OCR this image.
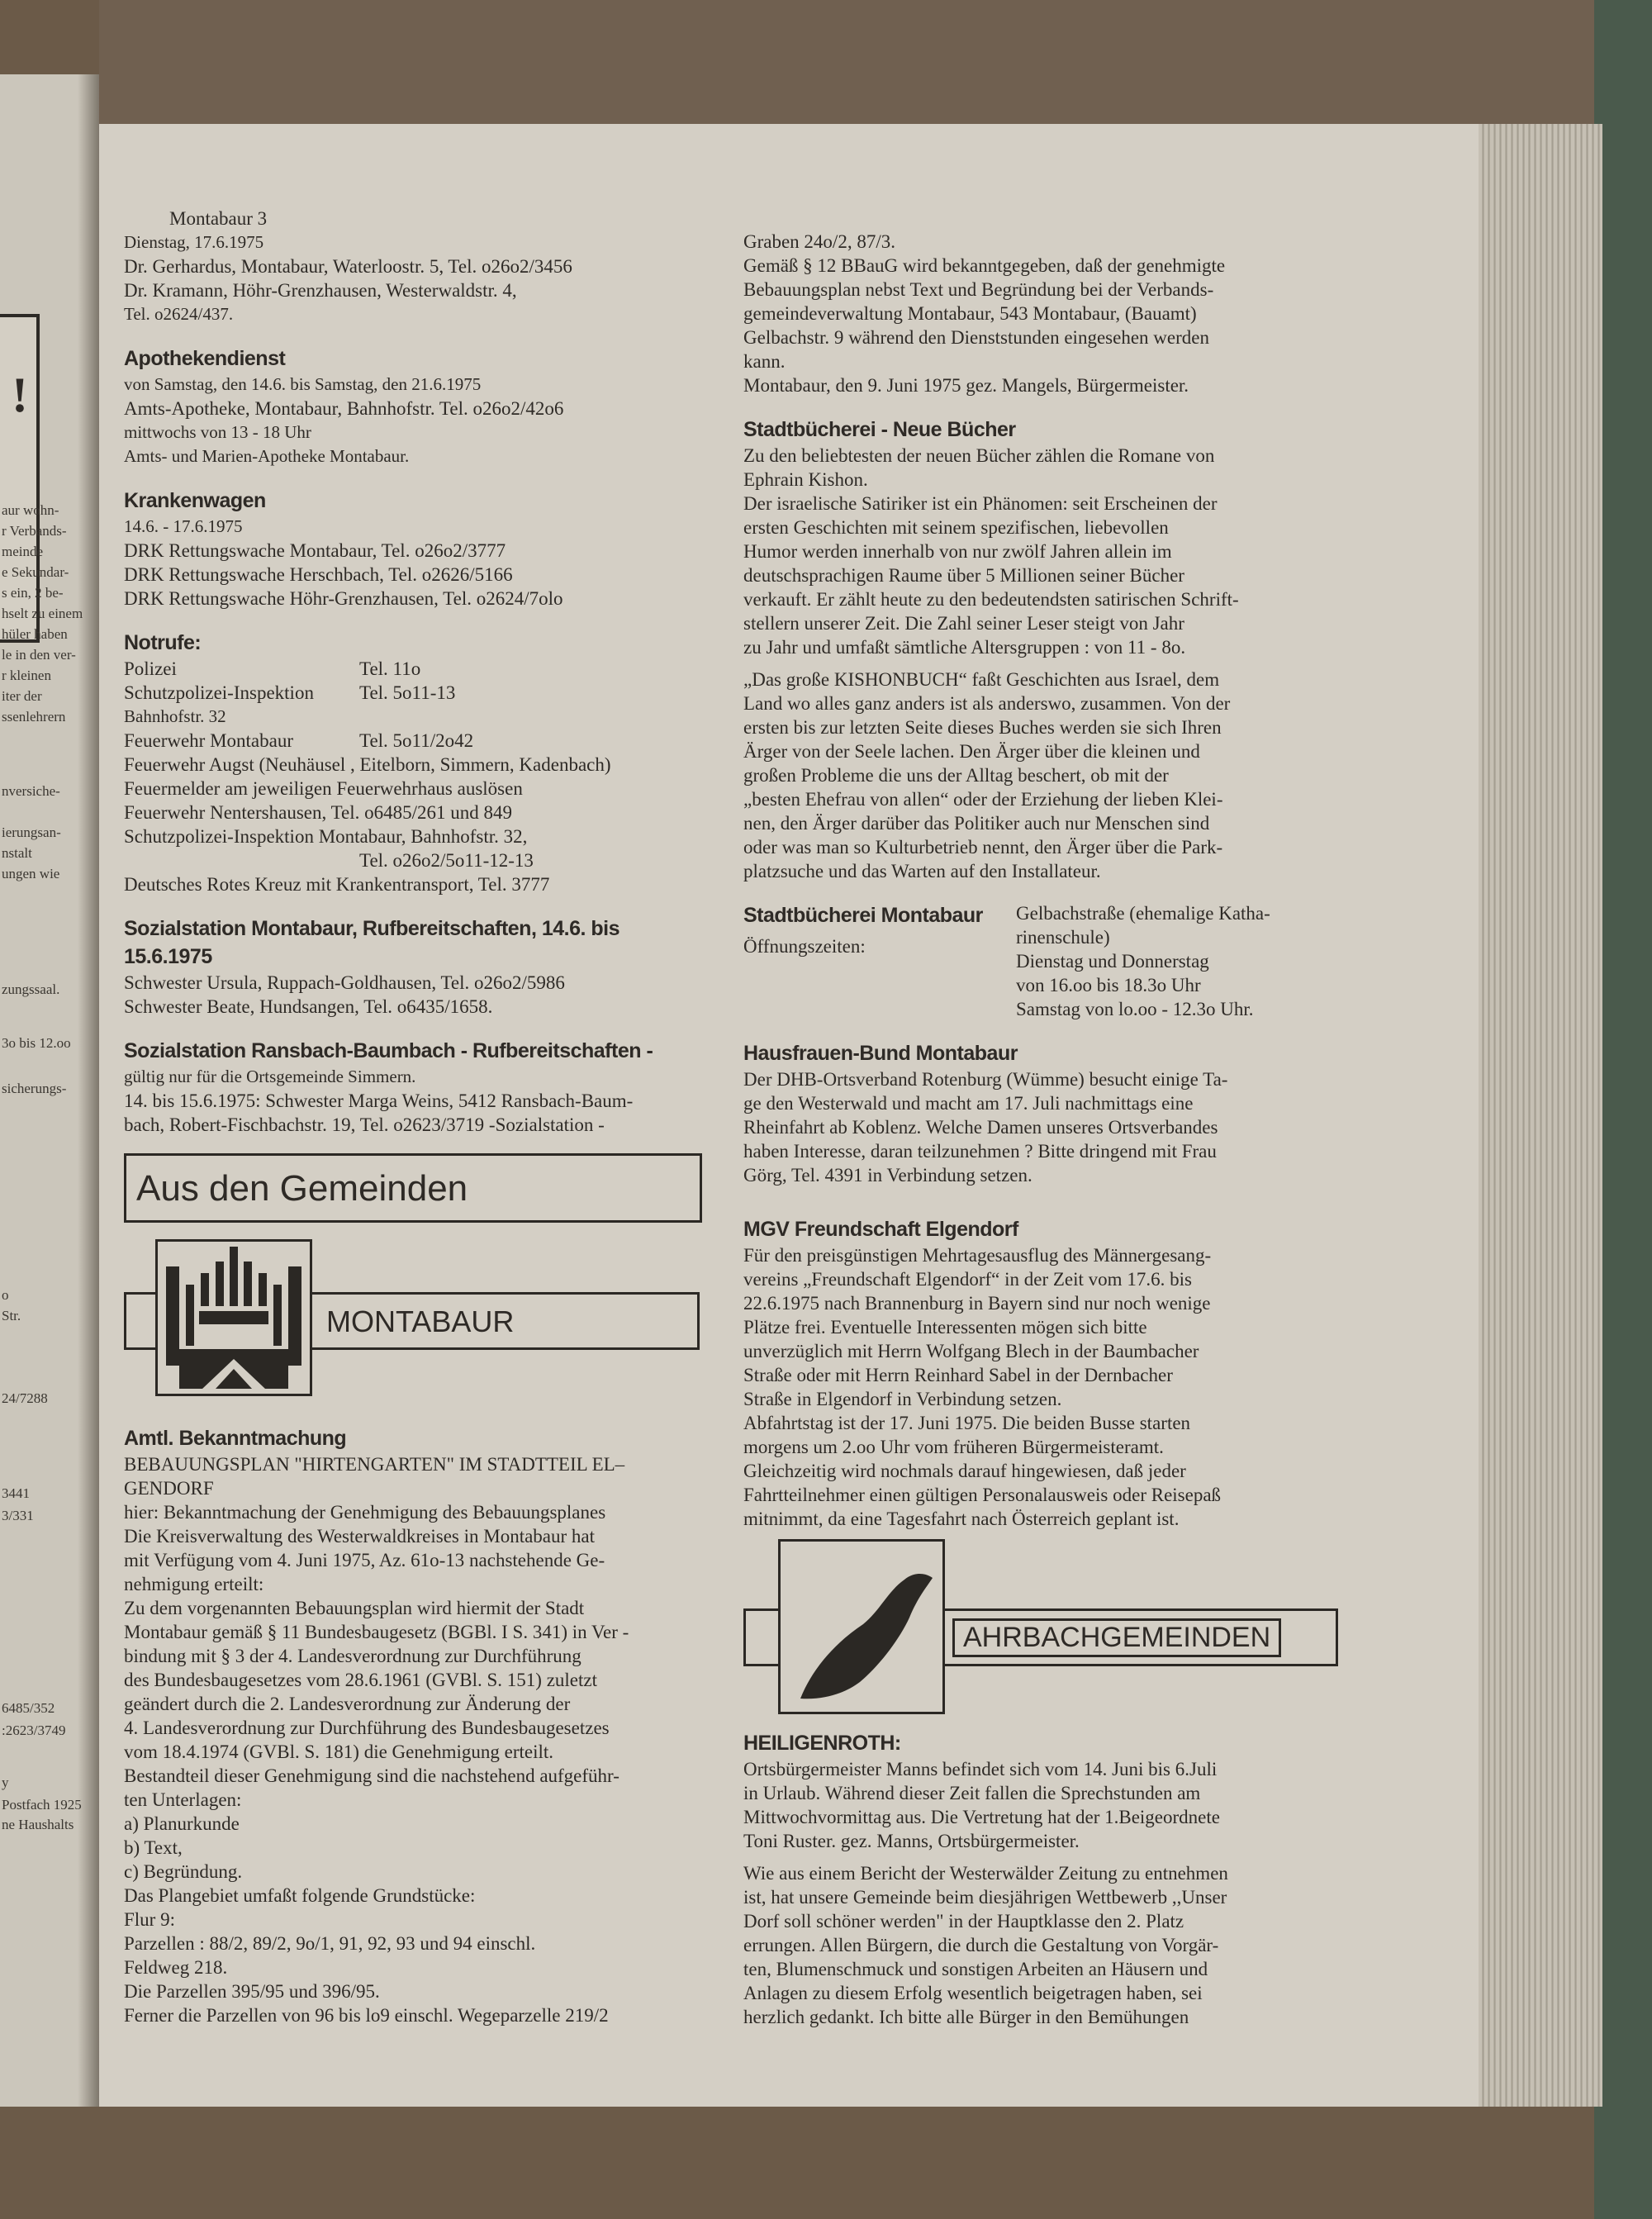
!
aur wohn-
r Verbands-
meinde
e Sekundar-
s ein, 2 be-
hselt zu einem
hüler haben
le in den ver-
r kleinen
iter der
ssenlehrern
nversiche-
ierungsan-
nstalt
ungen wie
zungssaal.
3o bis 12.oo
sicherungs-
o
Str.
24/7288
3441
3/331
6485/352
:2623/3749
y
Postfach 1925
ne Haushalts
Montabaur 3
Dienstag, 17.6.1975
Dr. Gerhardus, Montabaur, Waterloostr. 5, Tel. o26o2/3456
Dr. Kramann, Höhr-Grenzhausen, Westerwaldstr. 4,
Tel. o2624/437.
Apothekendienst
von Samstag, den 14.6. bis Samstag, den 21.6.1975
Amts-Apotheke, Montabaur, Bahnhofstr. Tel. o26o2/42o6
mittwochs von 13 - 18 Uhr
Amts- und Marien-Apotheke Montabaur.
Krankenwagen
14.6. - 17.6.1975
DRK Rettungswache Montabaur, Tel. o26o2/3777
DRK Rettungswache Herschbach, Tel. o2626/5166
DRK Rettungswache Höhr-Grenzhausen, Tel. o2624/7olo
Notrufe:
Polizei	Tel. 11o
Schutzpolizei-Inspektion	Tel. 5o11-13
Bahnhofstr. 32
Feuerwehr Montabaur	Tel. 5o11/2o42
Feuerwehr Augst (Neuhäusel , Eitelborn, Simmern, Kadenbach)
Feuermelder am jeweiligen Feuerwehrhaus auslösen
Feuerwehr Nentershausen, Tel. o6485/261 und 849
Schutzpolizei-Inspektion Montabaur, Bahnhofstr. 32,
Tel. o26o2/5o11-12-13
Deutsches Rotes Kreuz mit Krankentransport, Tel. 3777
Sozialstation Montabaur, Rufbereitschaften, 14.6. bis 15.6.1975
Schwester Ursula, Ruppach-Goldhausen, Tel. o26o2/5986
Schwester Beate, Hundsangen, Tel. o6435/1658.
Sozialstation Ransbach-Baumbach - Rufbereitschaften -
gültig nur für die Ortsgemeinde Simmern.
14. bis 15.6.1975: Schwester Marga Weins, 5412 Ransbach-Baum-
bach, Robert-Fischbachstr. 19, Tel. o2623/3719 -Sozialstation -
Aus den Gemeinden
MONTABAUR
Amtl. Bekanntmachung
BEBAUUNGSPLAN "HIRTENGARTEN" IM STADTTEIL EL–
GENDORF
hier: Bekanntmachung der Genehmigung des Bebauungsplanes
Die Kreisverwaltung des Westerwaldkreises in Montabaur hat
mit Verfügung vom 4. Juni 1975, Az. 61o-13 nachstehende Ge-
nehmigung erteilt:
Zu dem vorgenannten Bebauungsplan wird hiermit der Stadt
Montabaur gemäß § 11 Bundesbaugesetz (BGBl. I S. 341) in Ver -
bindung mit § 3 der 4. Landesverordnung zur Durchführung
des Bundesbaugesetzes vom 28.6.1961 (GVBl. S. 151) zuletzt
geändert durch die 2. Landesverordnung zur Änderung der
4. Landesverordnung zur Durchführung des Bundesbaugesetzes
vom 18.4.1974 (GVBl. S. 181) die Genehmigung erteilt.
Bestandteil dieser Genehmigung sind die nachstehend aufgeführ-
ten Unterlagen:
a) Planurkunde
b) Text,
c) Begründung.
Das Plangebiet umfaßt folgende Grundstücke:
Flur 9:
Parzellen : 88/2, 89/2, 9o/1, 91, 92, 93 und 94 einschl.
Feldweg 218.
Die Parzellen 395/95 und 396/95.
Ferner die Parzellen von 96 bis lo9 einschl. Wegeparzelle 219/2
Graben 24o/2, 87/3.
Gemäß § 12 BBauG wird bekanntgegeben, daß der genehmigte
Bebauungsplan nebst Text und Begründung bei der Verbands-
gemeindeverwaltung Montabaur, 543 Montabaur, (Bauamt)
Gelbachstr. 9 während den Dienststunden eingesehen werden
kann.
Montabaur, den 9. Juni 1975 gez. Mangels, Bürgermeister.
Stadtbücherei - Neue Bücher
Zu den beliebtesten der neuen Bücher zählen die Romane von
Ephrain Kishon.
Der israelische Satiriker ist ein Phänomen: seit Erscheinen der
ersten Geschichten mit seinem spezifischen, liebevollen
Humor werden innerhalb von nur zwölf Jahren allein im
deutschsprachigen Raume über 5 Millionen seiner Bücher
verkauft. Er zählt heute zu den bedeutendsten satirischen Schrift-
stellern unserer Zeit. Die Zahl seiner Leser steigt von Jahr
zu Jahr und umfaßt sämtliche Altersgruppen : von 11 - 8o.
„Das große KISHONBUCH“ faßt Geschichten aus Israel, dem
Land wo alles ganz anders ist als anderswo, zusammen. Von der
ersten bis zur letzten Seite dieses Buches werden sie sich Ihren
Ärger von der Seele lachen. Den Ärger über die kleinen und
großen Probleme die uns der Alltag beschert, ob mit der
„besten Ehefrau von allen“ oder der Erziehung der lieben Klei-
nen, den Ärger darüber das Politiker auch nur Menschen sind
oder was man so Kulturbetrieb nennt, den Ärger über die Park-
platzsuche und das Warten auf den Installateur.
Stadtbücherei Montabaur
Öffnungszeiten:
Gelbachstraße (ehemalige Katha-
rinenschule)
Dienstag und Donnerstag
von 16.oo bis 18.3o Uhr
Samstag von lo.oo - 12.3o Uhr.
Hausfrauen-Bund Montabaur
Der DHB-Ortsverband Rotenburg (Wümme) besucht einige Ta-
ge den Westerwald und macht am 17. Juli nachmittags eine
Rheinfahrt ab Koblenz. Welche Damen unseres Ortsverbandes
haben Interesse, daran teilzunehmen ? Bitte dringend mit Frau
Görg, Tel. 4391 in Verbindung setzen.
MGV Freundschaft Elgendorf
Für den preisgünstigen Mehrtagesausflug des Männergesang-
vereins „Freundschaft Elgendorf“ in der Zeit vom 17.6. bis
22.6.1975 nach Brannenburg in Bayern sind nur noch wenige
Plätze frei. Eventuelle Interessenten mögen sich bitte
unverzüglich mit Herrn Wolfgang Blech in der Baumbacher
Straße oder mit Herrn Reinhard Sabel in der Dernbacher
Straße in Elgendorf in Verbindung setzen.
Abfahrtstag ist der 17. Juni 1975. Die beiden Busse starten
morgens um 2.oo Uhr vom früheren Bürgermeisteramt.
Gleichzeitig wird nochmals darauf hingewiesen, daß jeder
Fahrtteilnehmer einen gültigen Personalausweis oder Reisepaß
mitnimmt, da eine Tagesfahrt nach Österreich geplant ist.
AHRBACHGEMEINDEN
HEILIGENROTH:
Ortsbürgermeister Manns befindet sich vom 14. Juni bis 6.Juli
in Urlaub. Während dieser Zeit fallen die Sprechstunden am
Mittwochvormittag aus. Die Vertretung hat der 1.Beigeordnete
Toni Ruster. gez. Manns, Ortsbürgermeister.
Wie aus einem Bericht der Westerwälder Zeitung zu entnehmen
ist, hat unsere Gemeinde beim diesjährigen Wettbewerb ,,Unser
Dorf soll schöner werden" in der Hauptklasse den 2. Platz
errungen. Allen Bürgern, die durch die Gestaltung von Vorgär-
ten, Blumenschmuck und sonstigen Arbeiten an Häusern und
Anlagen zu diesem Erfolg wesentlich beigetragen haben, sei
herzlich gedankt. Ich bitte alle Bürger in den Bemühungen
